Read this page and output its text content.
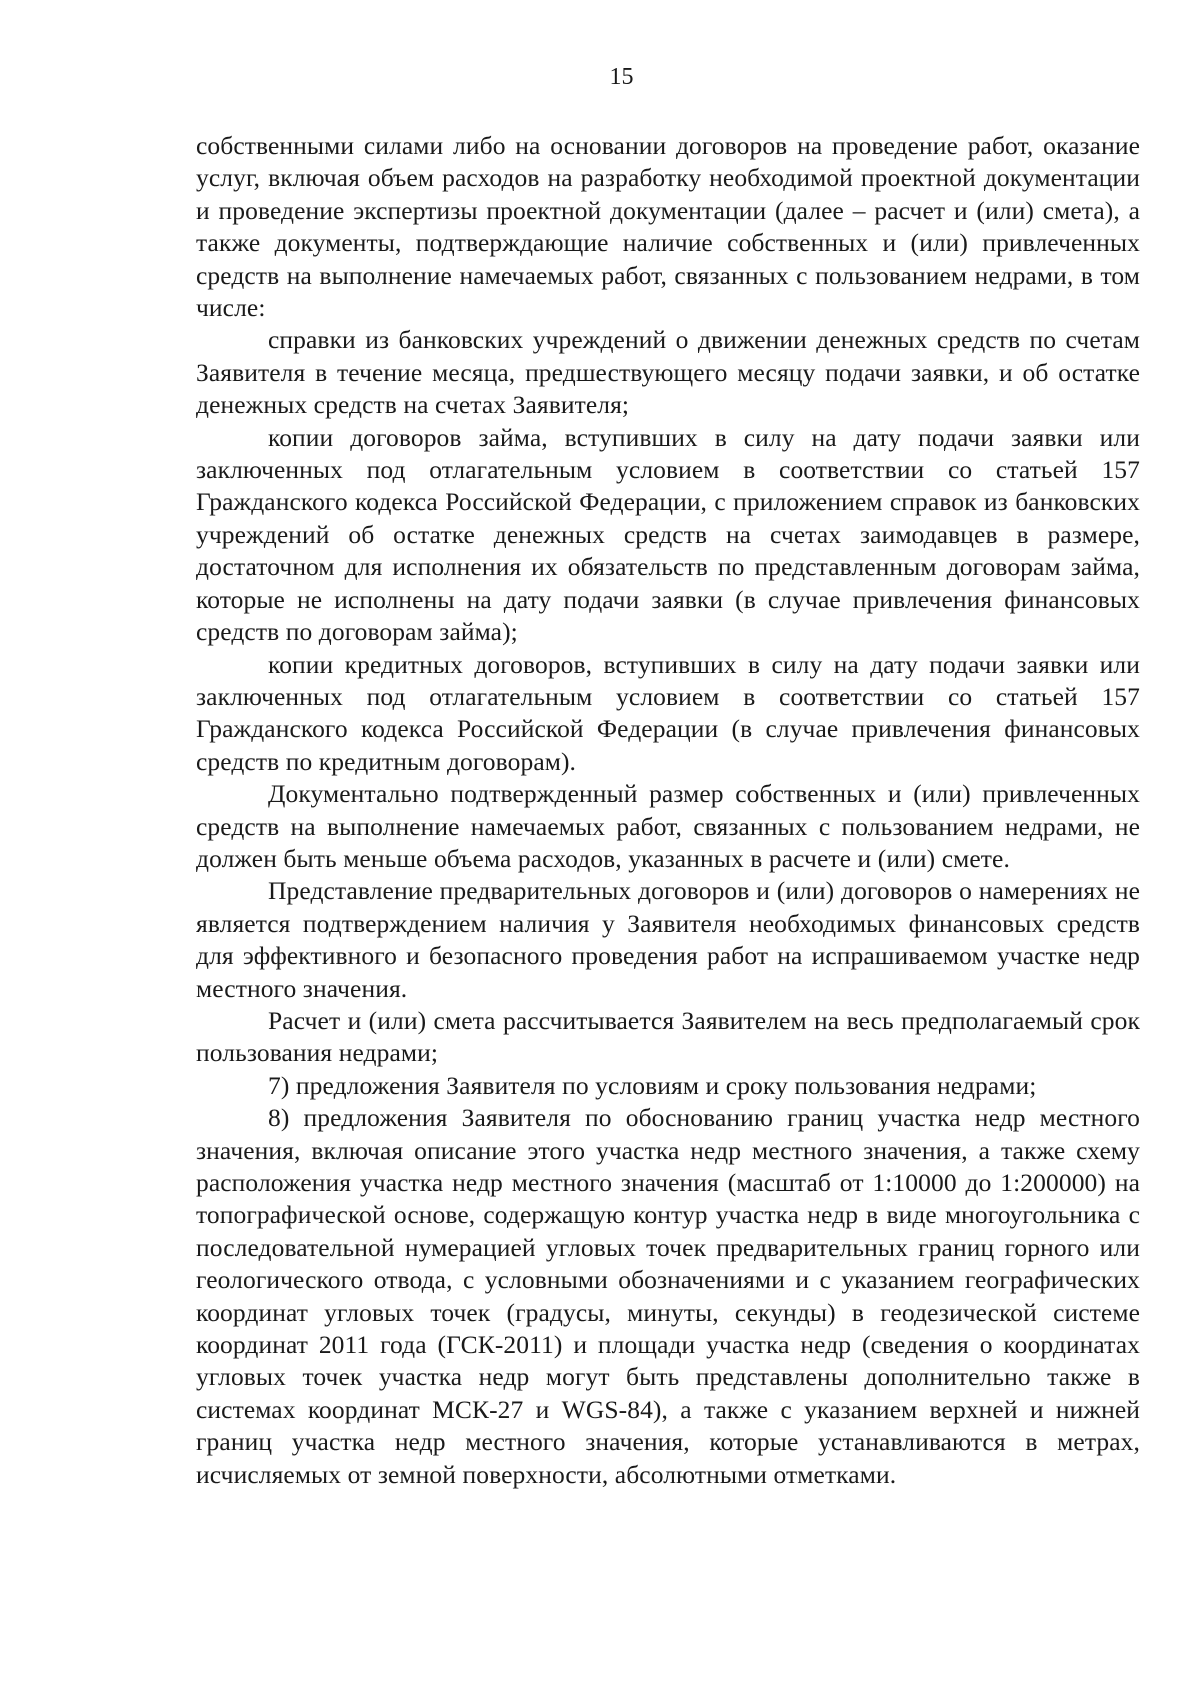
15

собственными силами либо на основании договоров на проведение работ, оказание услуг, включая объем расходов на разработку необходимой проектной документации и проведение экспертизы проектной документации (далее – расчет и (или) смета), а также документы, подтверждающие наличие собственных и (или) привлеченных средств на выполнение намечаемых работ, связанных с пользованием недрами, в том числе:

справки из банковских учреждений о движении денежных средств по счетам Заявителя в течение месяца, предшествующего месяцу подачи заявки, и об остатке денежных средств на счетах Заявителя;

копии договоров займа, вступивших в силу на дату подачи заявки или заключенных под отлагательным условием в соответствии со статьей 157 Гражданского кодекса Российской Федерации, с приложением справок из банковских учреждений об остатке денежных средств на счетах заимодавцев в размере, достаточном для исполнения их обязательств по представленным договорам займа, которые не исполнены на дату подачи заявки (в случае привлечения финансовых средств по договорам займа);

копии кредитных договоров, вступивших в силу на дату подачи заявки или заключенных под отлагательным условием в соответствии со статьей 157 Гражданского кодекса Российской Федерации (в случае привлечения финансовых средств по кредитным договорам).

Документально подтвержденный размер собственных и (или) привлеченных средств на выполнение намечаемых работ, связанных с пользованием недрами, не должен быть меньше объема расходов, указанных в расчете и (или) смете.

Представление предварительных договоров и (или) договоров о намерениях не является подтверждением наличия у Заявителя необходимых финансовых средств для эффективного и безопасного проведения работ на испрашиваемом участке недр местного значения.

Расчет и (или) смета рассчитывается Заявителем на весь предполагаемый срок пользования недрами;

7) предложения Заявителя по условиям и сроку пользования недрами;

8) предложения Заявителя по обоснованию границ участка недр местного значения, включая описание этого участка недр местного значения, а также схему расположения участка недр местного значения (масштаб от 1:10000 до 1:200000) на топографической основе, содержащую контур участка недр в виде многоугольника с последовательной нумерацией угловых точек предварительных границ горного или геологического отвода, с условными обозначениями и с указанием географических координат угловых точек (градусы, минуты, секунды) в геодезической системе координат 2011 года (ГСК-2011) и площади участка недр (сведения о координатах угловых точек участка недр могут быть представлены дополнительно также в системах координат МСК-27 и WGS-84), а также с указанием верхней и нижней границ участка недр местного значения, которые устанавливаются в метрах, исчисляемых от земной поверхности, абсолютными отметками.
